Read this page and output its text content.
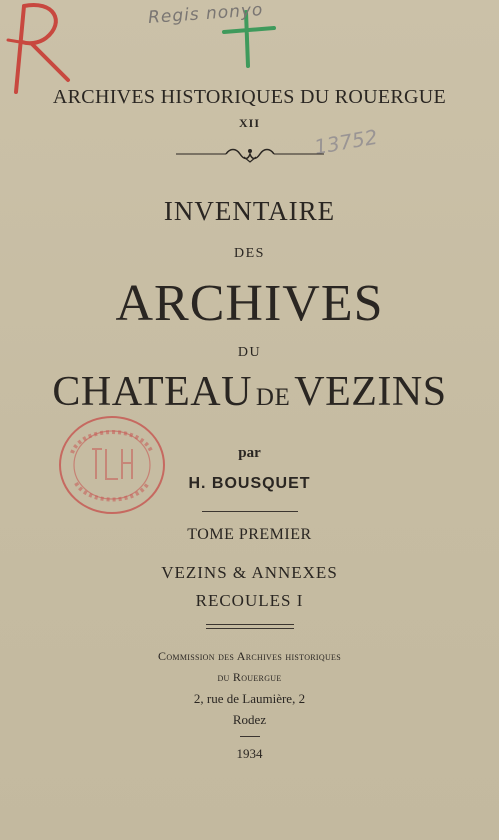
Regis nonyo
13752
ARCHIVES HISTORIQUES DU ROUERGUE
XII
INVENTAIRE
DES
ARCHIVES
DU
CHATEAU DEVEZINS
par
H. BOUSQUET
TOME PREMIER
VEZINS & ANNEXES
RECOULES I
Commission des Archives historiques
du Rouergue
2, rue de Laumière, 2
Rodez
1934
